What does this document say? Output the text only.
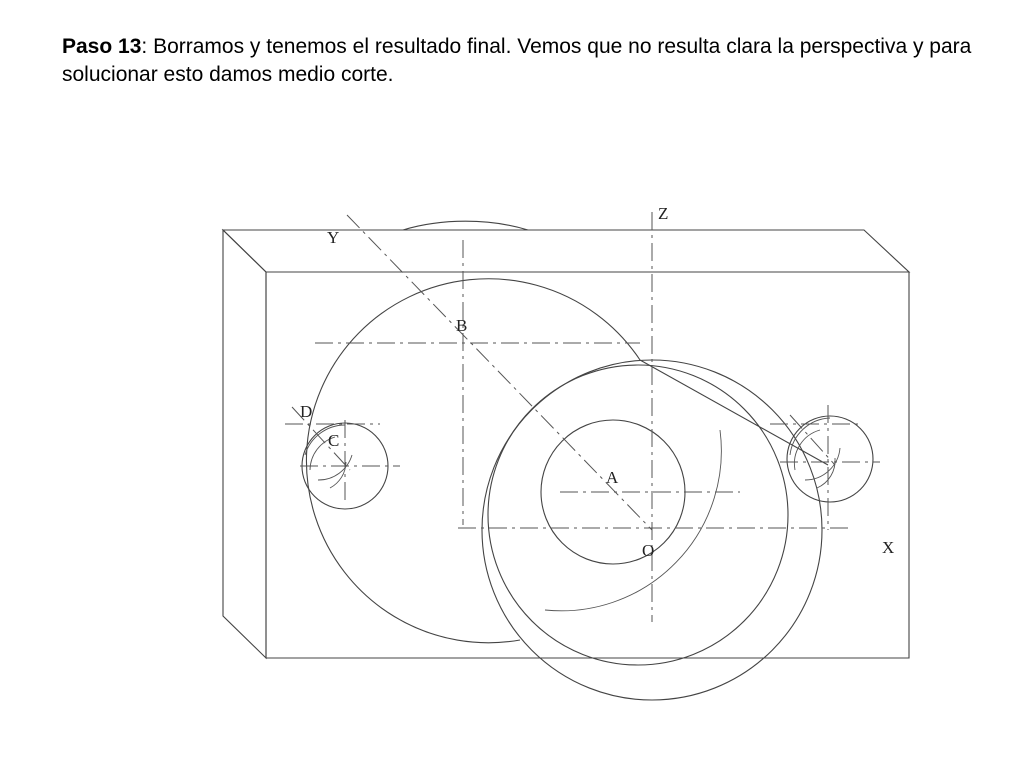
Paso 13: Borramos y tenemos el resultado final. Vemos que no resulta clara la perspectiva y para solucionar esto damos medio corte.
Z
Y
X
B
D
C
A
O
